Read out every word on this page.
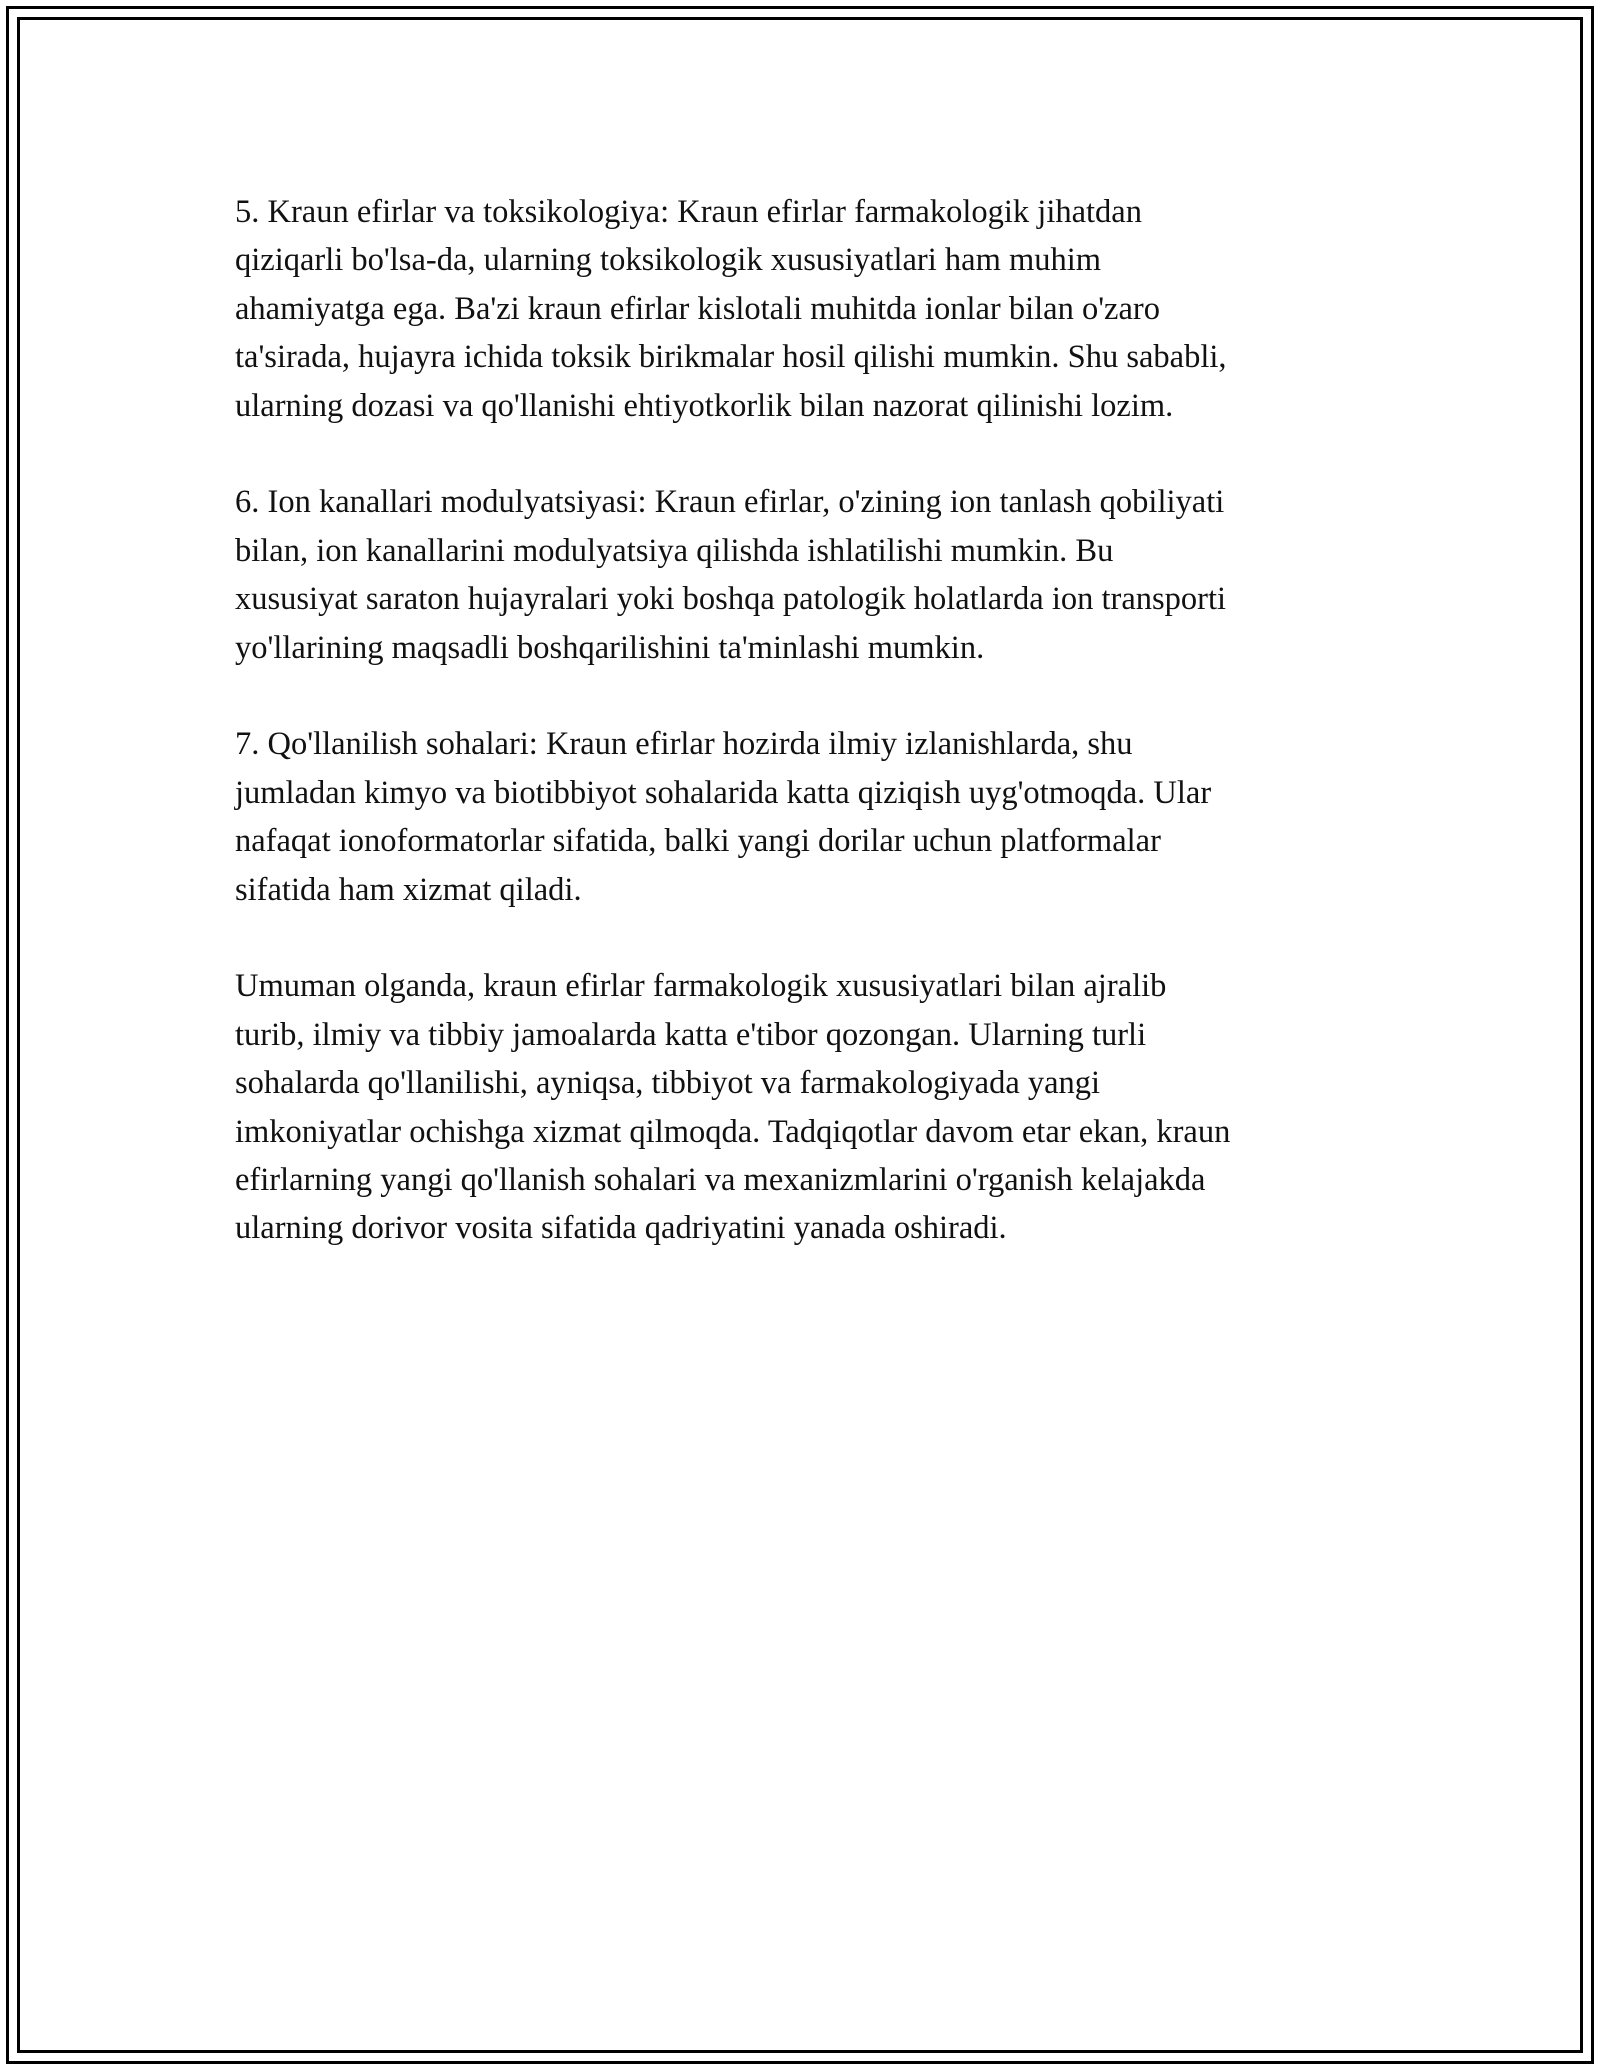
5. Kraun efirlar va toksikologiya: Kraun efirlar farmakologik jihatdan
qiziqarli bo'lsa-da, ularning toksikologik xususiyatlari ham muhim
ahamiyatga ega. Ba'zi kraun efirlar kislotali muhitda ionlar bilan o'zaro
ta'sirada, hujayra ichida toksik birikmalar hosil qilishi mumkin. Shu sababli,
ularning dozasi va qo'llanishi ehtiyotkorlik bilan nazorat qilinishi lozim.

6. Ion kanallari modulyatsiyasi: Kraun efirlar, o'zining ion tanlash qobiliyati
bilan, ion kanallarini modulyatsiya qilishda ishlatilishi mumkin. Bu
xususiyat saraton hujayralari yoki boshqa patologik holatlarda ion transporti
yo'llarining maqsadli boshqarilishini ta'minlashi mumkin.

7. Qo'llanilish sohalari: Kraun efirlar hozirda ilmiy izlanishlarda, shu
jumladan kimyo va biotibbiyot sohalarida katta qiziqish uyg'otmoqda. Ular
nafaqat ionoformatorlar sifatida, balki yangi dorilar uchun platformalar
sifatida ham xizmat qiladi.

Umuman olganda, kraun efirlar farmakologik xususiyatlari bilan ajralib
turib, ilmiy va tibbiy jamoalarda katta e'tibor qozongan. Ularning turli
sohalarda qo'llanilishi, ayniqsa, tibbiyot va farmakologiyada yangi
imkoniyatlar ochishga xizmat qilmoqda. Tadqiqotlar davom etar ekan, kraun
efirlarning yangi qo'llanish sohalari va mexanizmlarini o'rganish kelajakda
ularning dorivor vosita sifatida qadriyatini yanada oshiradi.
